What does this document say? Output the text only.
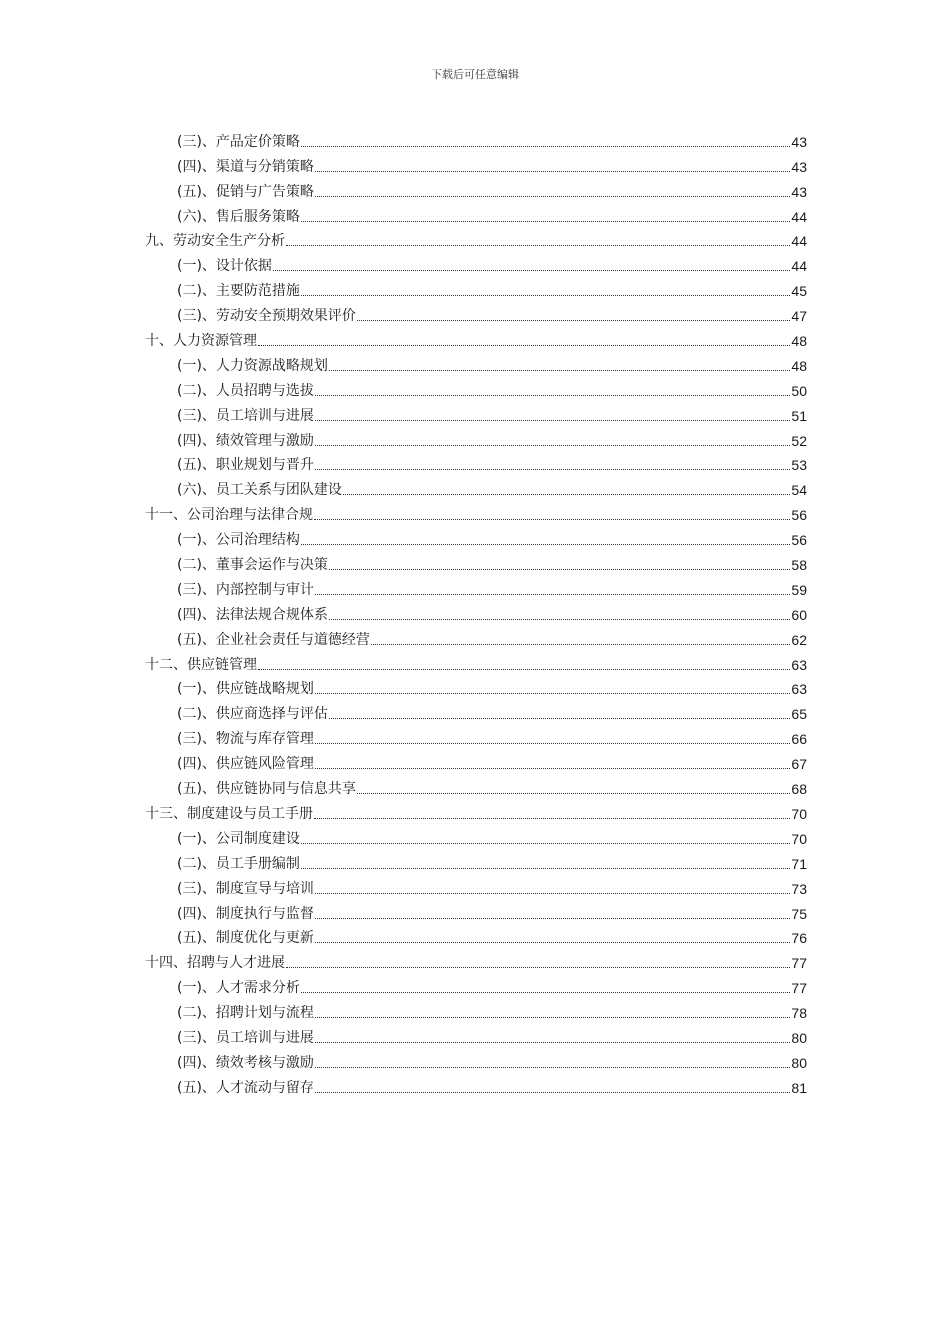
下载后可任意编辑
(三)、产品定价策略	43
(四)、渠道与分销策略	43
(五)、促销与广告策略	43
(六)、售后服务策略	44
九、劳动安全生产分析	44
(一)、设计依据	44
(二)、主要防范措施	45
(三)、劳动安全预期效果评价	47
十、人力资源管理	48
(一)、人力资源战略规划	48
(二)、人员招聘与选拔	50
(三)、员工培训与进展	51
(四)、绩效管理与激励	52
(五)、职业规划与晋升	53
(六)、员工关系与团队建设	54
十一、公司治理与法律合规	56
(一)、公司治理结构	56
(二)、董事会运作与决策	58
(三)、内部控制与审计	59
(四)、法律法规合规体系	60
(五)、企业社会责任与道德经营	62
十二、供应链管理	63
(一)、供应链战略规划	63
(二)、供应商选择与评估	65
(三)、物流与库存管理	66
(四)、供应链风险管理	67
(五)、供应链协同与信息共享	68
十三、制度建设与员工手册	70
(一)、公司制度建设	70
(二)、员工手册编制	71
(三)、制度宣导与培训	73
(四)、制度执行与监督	75
(五)、制度优化与更新	76
十四、招聘与人才进展	77
(一)、人才需求分析	77
(二)、招聘计划与流程	78
(三)、员工培训与进展	80
(四)、绩效考核与激励	80
(五)、人才流动与留存	81
